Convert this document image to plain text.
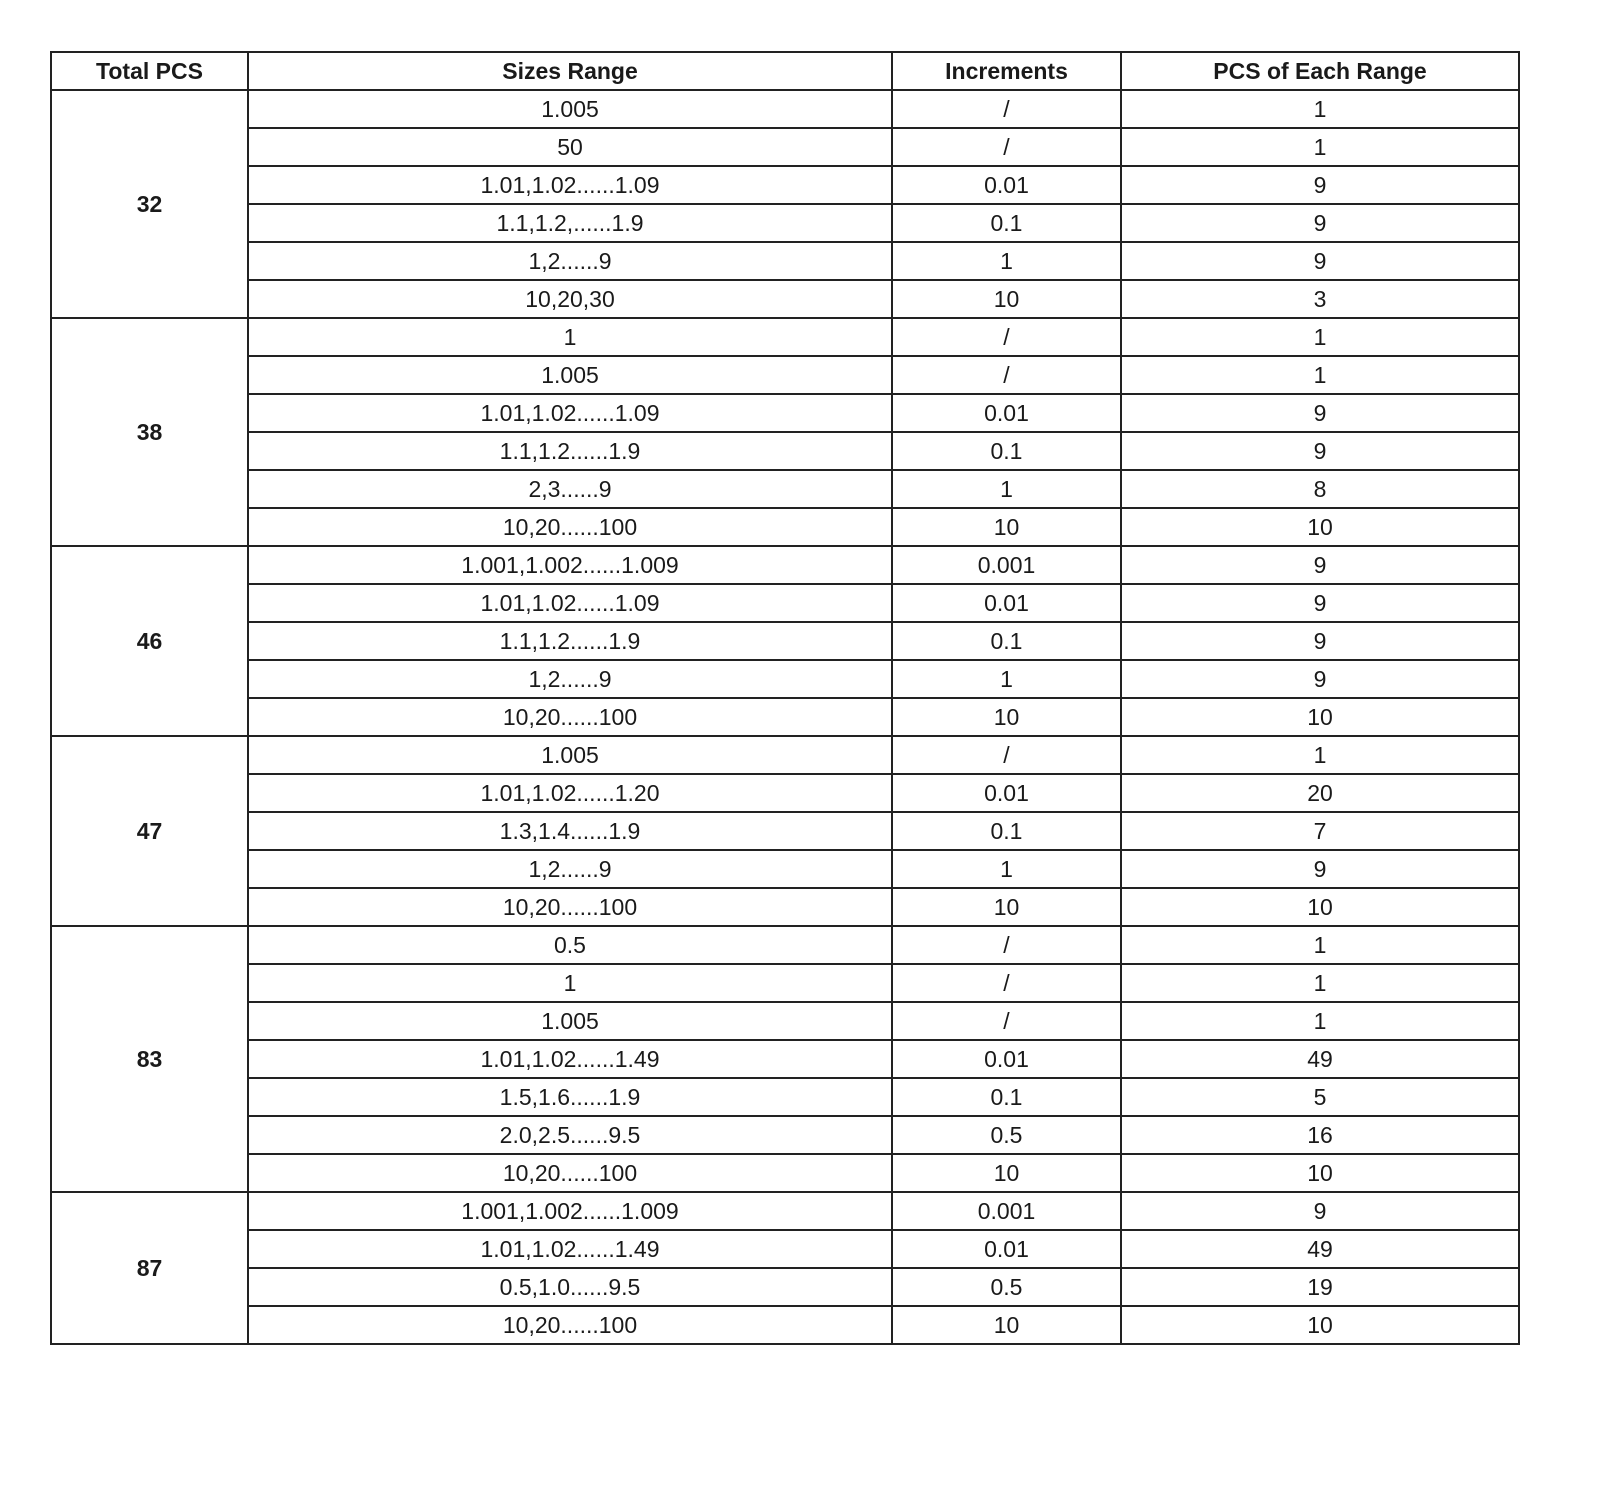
Total PCS	Sizes Range	Increments	PCS of Each Range
32	1.005	/	1
	50	/	1
	1.01,1.02......1.09	0.01	9
	1.1,1.2,......1.9	0.1	9
	1,2......9	1	9
	10,20,30	10	3
38	1	/	1
	1.005	/	1
	1.01,1.02......1.09	0.01	9
	1.1,1.2......1.9	0.1	9
	2,3......9	1	8
	10,20......100	10	10
46	1.001,1.002......1.009	0.001	9
	1.01,1.02......1.09	0.01	9
	1.1,1.2......1.9	0.1	9
	1,2......9	1	9
	10,20......100	10	10
47	1.005	/	1
	1.01,1.02......1.20	0.01	20
	1.3,1.4......1.9	0.1	7
	1,2......9	1	9
	10,20......100	10	10
83	0.5	/	1
	1	/	1
	1.005	/	1
	1.01,1.02......1.49	0.01	49
	1.5,1.6......1.9	0.1	5
	2.0,2.5......9.5	0.5	16
	10,20......100	10	10
87	1.001,1.002......1.009	0.001	9
	1.01,1.02......1.49	0.01	49
	0.5,1.0......9.5	0.5	19
	10,20......100	10	10
